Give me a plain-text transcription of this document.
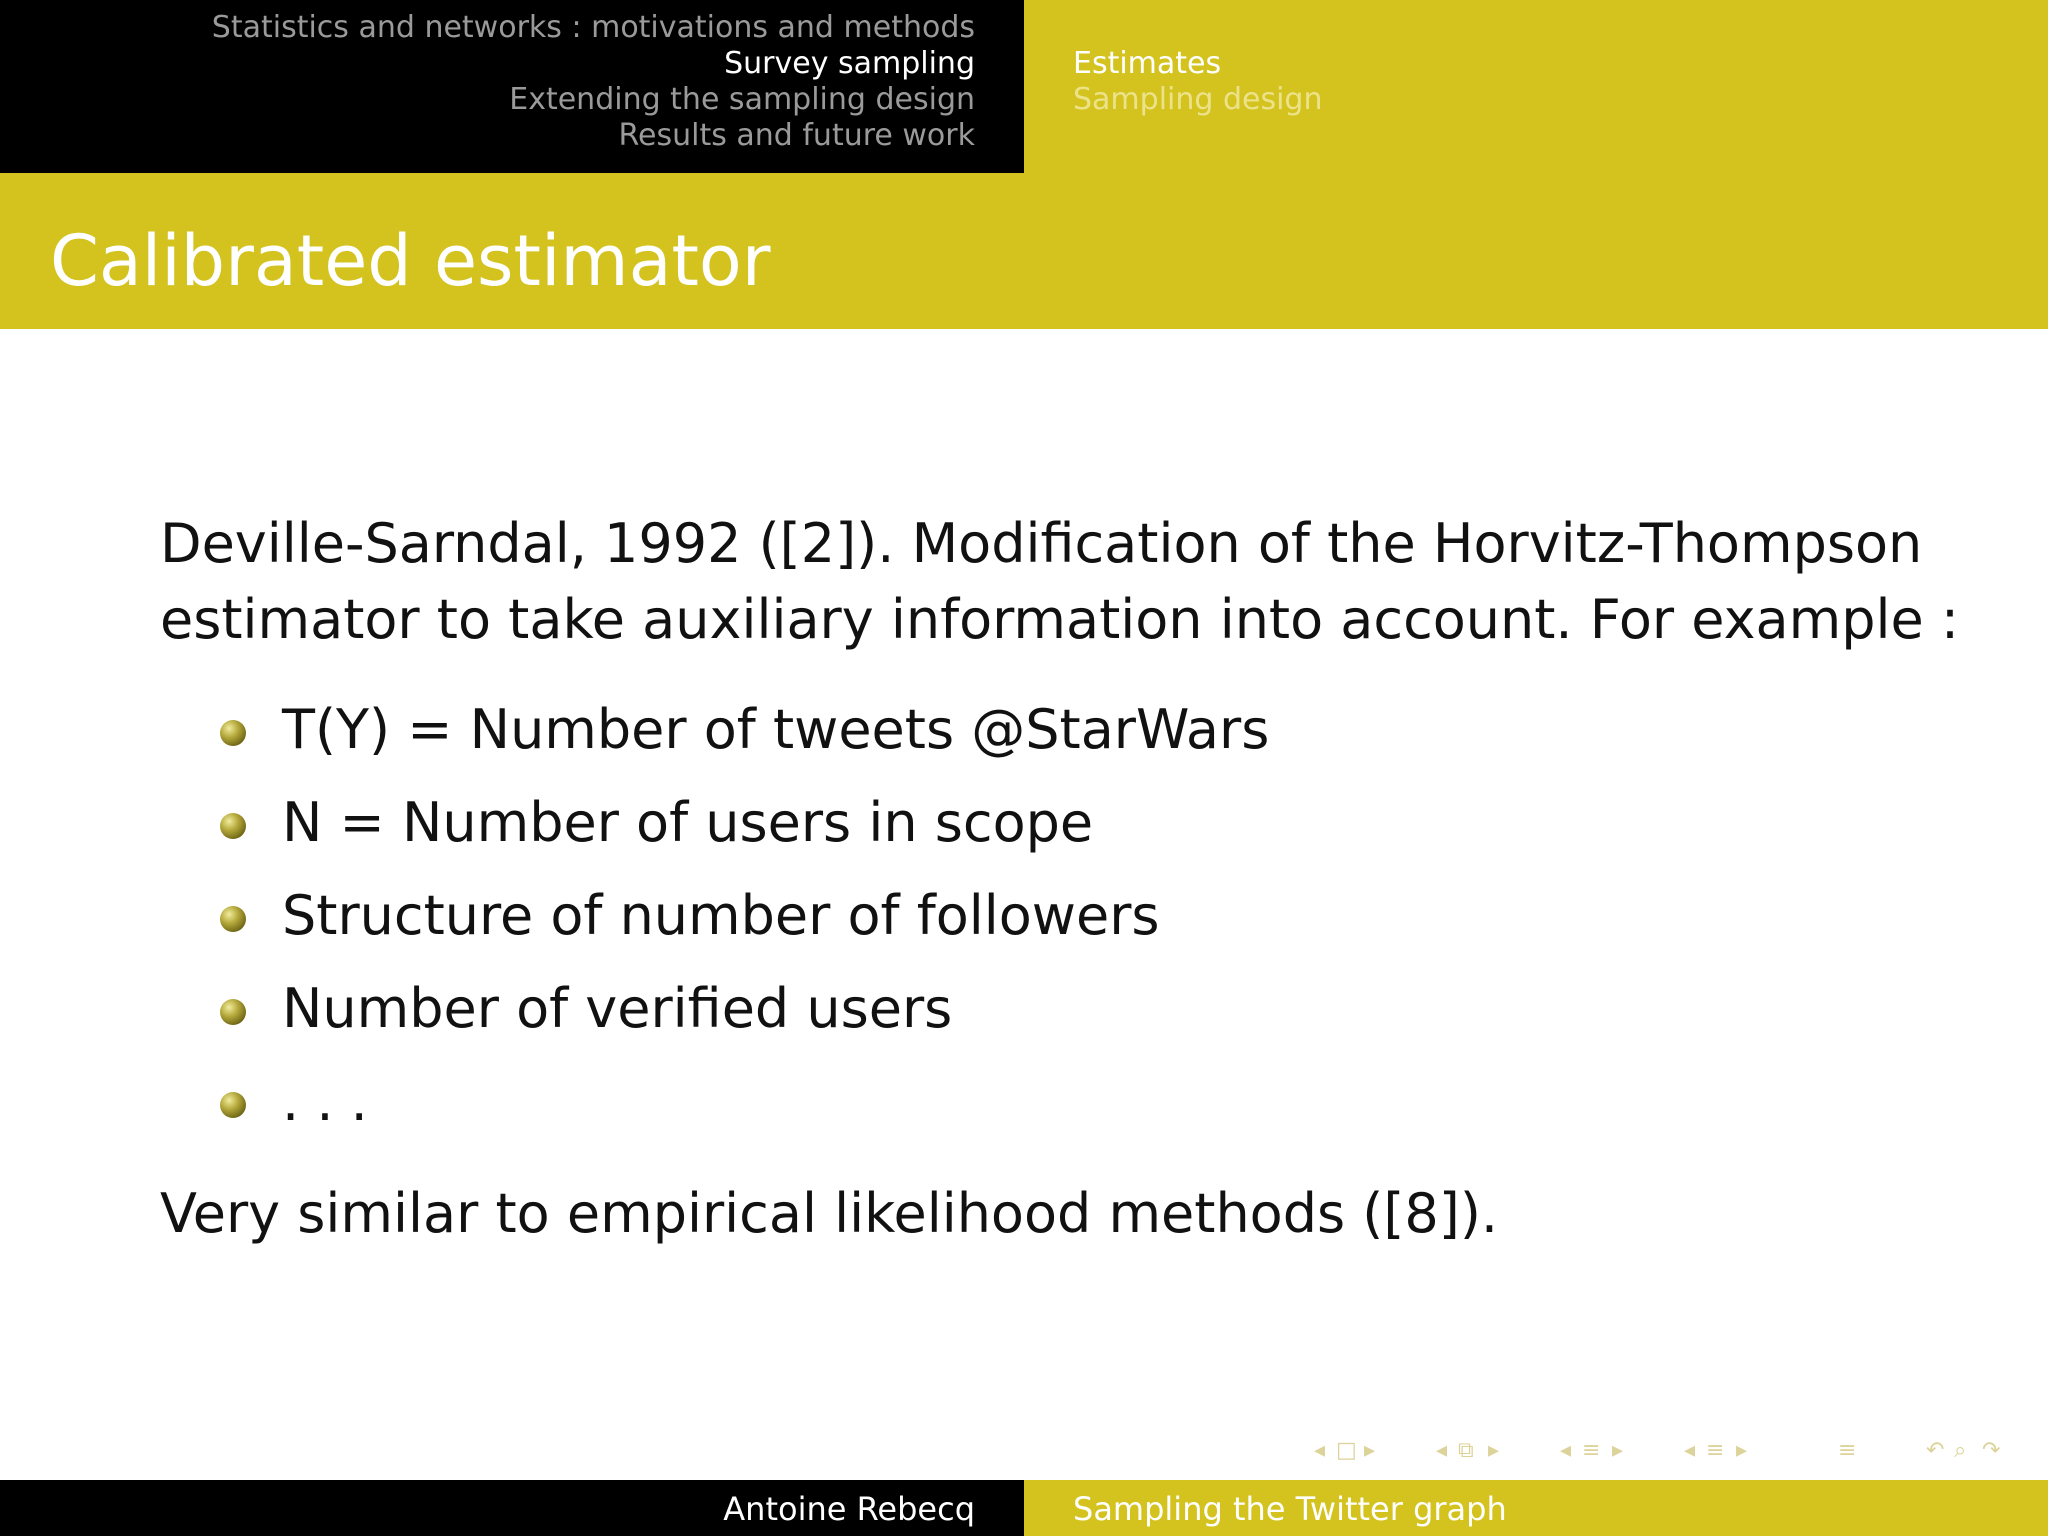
Statistics and networks : motivations and methods
Survey sampling
Extending the sampling design
Results and future work
Estimates
Sampling design
Calibrated estimator
Deville-Sarndal, 1992 ([2]). Modification of the Horvitz-Thompson estimator to take auxiliary information into account. For example :
T(Y) = Number of tweets @StarWars
N = Number of users in scope
Structure of number of followers
Number of verified users
. . .
Very similar to empirical likelihood methods ([8]).
◂ □ ▸	◂ ⧉ ▸	◂ ≡ ▸	◂ ≡ ▸	≡	↶ ⌕ ↷
Antoine Rebecq	Sampling the Twitter graph
